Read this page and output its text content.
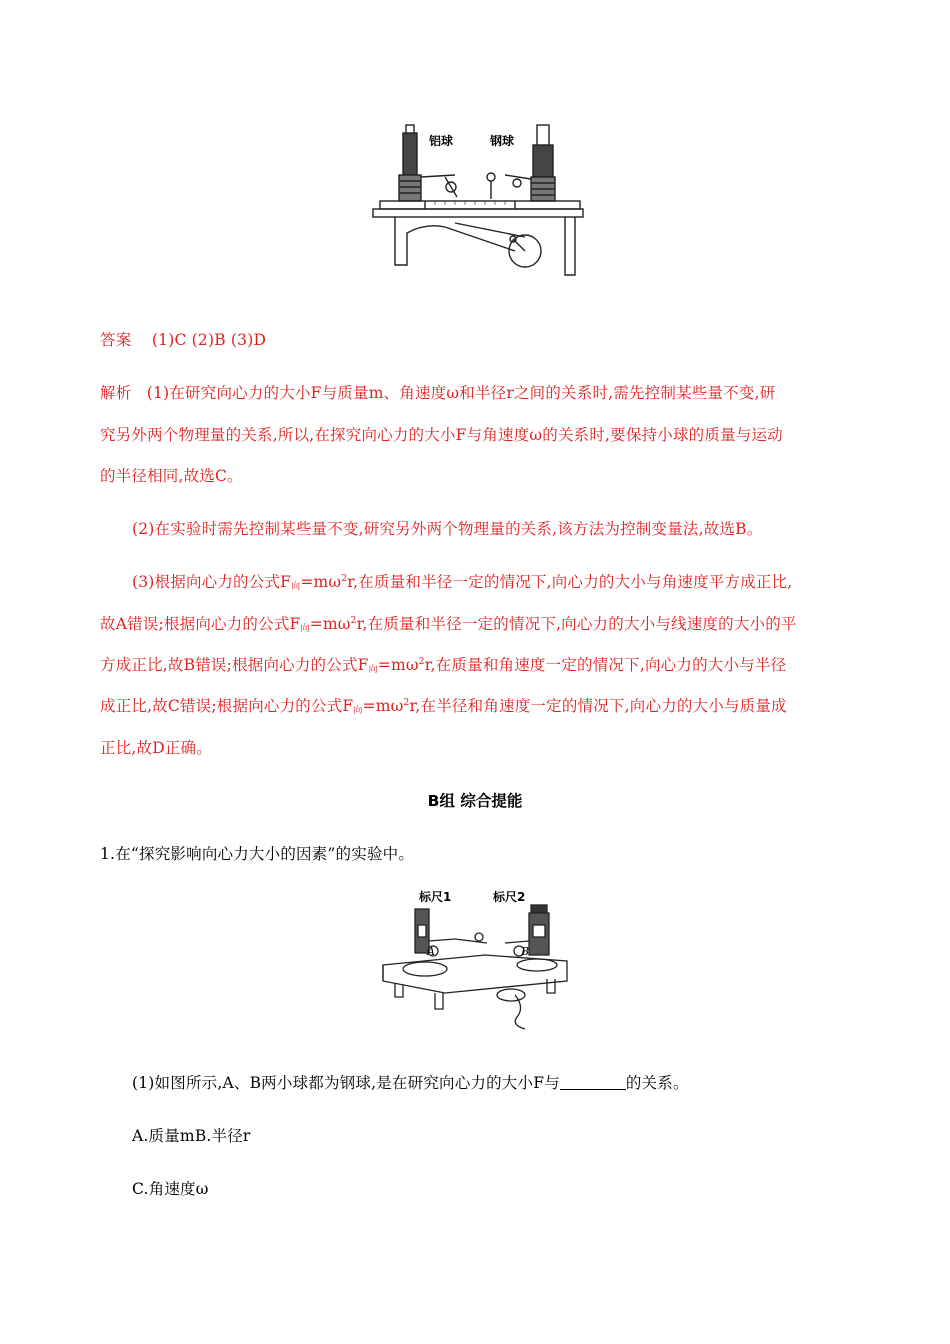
铝球	钢球
答案 (1)C (2)B (3)D
解析 (1)在研究向心力的大小F与质量m、角速度ω和半径r之间的关系时,需先控制某些量不变,研
究另外两个物理量的关系,所以,在探究向心力的大小F与角速度ω的关系时,要保持小球的质量与运动
的半径相同,故选C。
(2)在实验时需先控制某些量不变,研究另外两个物理量的关系,该方法为控制变量法,故选B。
(3)根据向心力的公式$F_向=m\omega^2r$,在质量和半径一定的情况下,向心力的大小与角速度平方成正比,
故A错误;根据向心力的公式$F_向=m\omega^2r$,在质量和半径一定的情况下,向心力的大小与线速度的大小的平
方成正比,故B错误;根据向心力的公式$F_向=m\omega^2r$,在质量和角速度一定的情况下,向心力的大小与半径
成正比,故C错误;根据向心力的公式$F_向=m\omega^2r$,在半径和角速度一定的情况下,向心力的大小与质量成
正比,故D正确。
B组 综合提能
1.在“探究影响向心力大小的因素”的实验中。
标尺1	标尺2
A	B
(1)如图所示,A、B两小球都为钢球,是在研究向心力的大小F与	的关系。
A.质量mB.半径r
C.角速度ω
